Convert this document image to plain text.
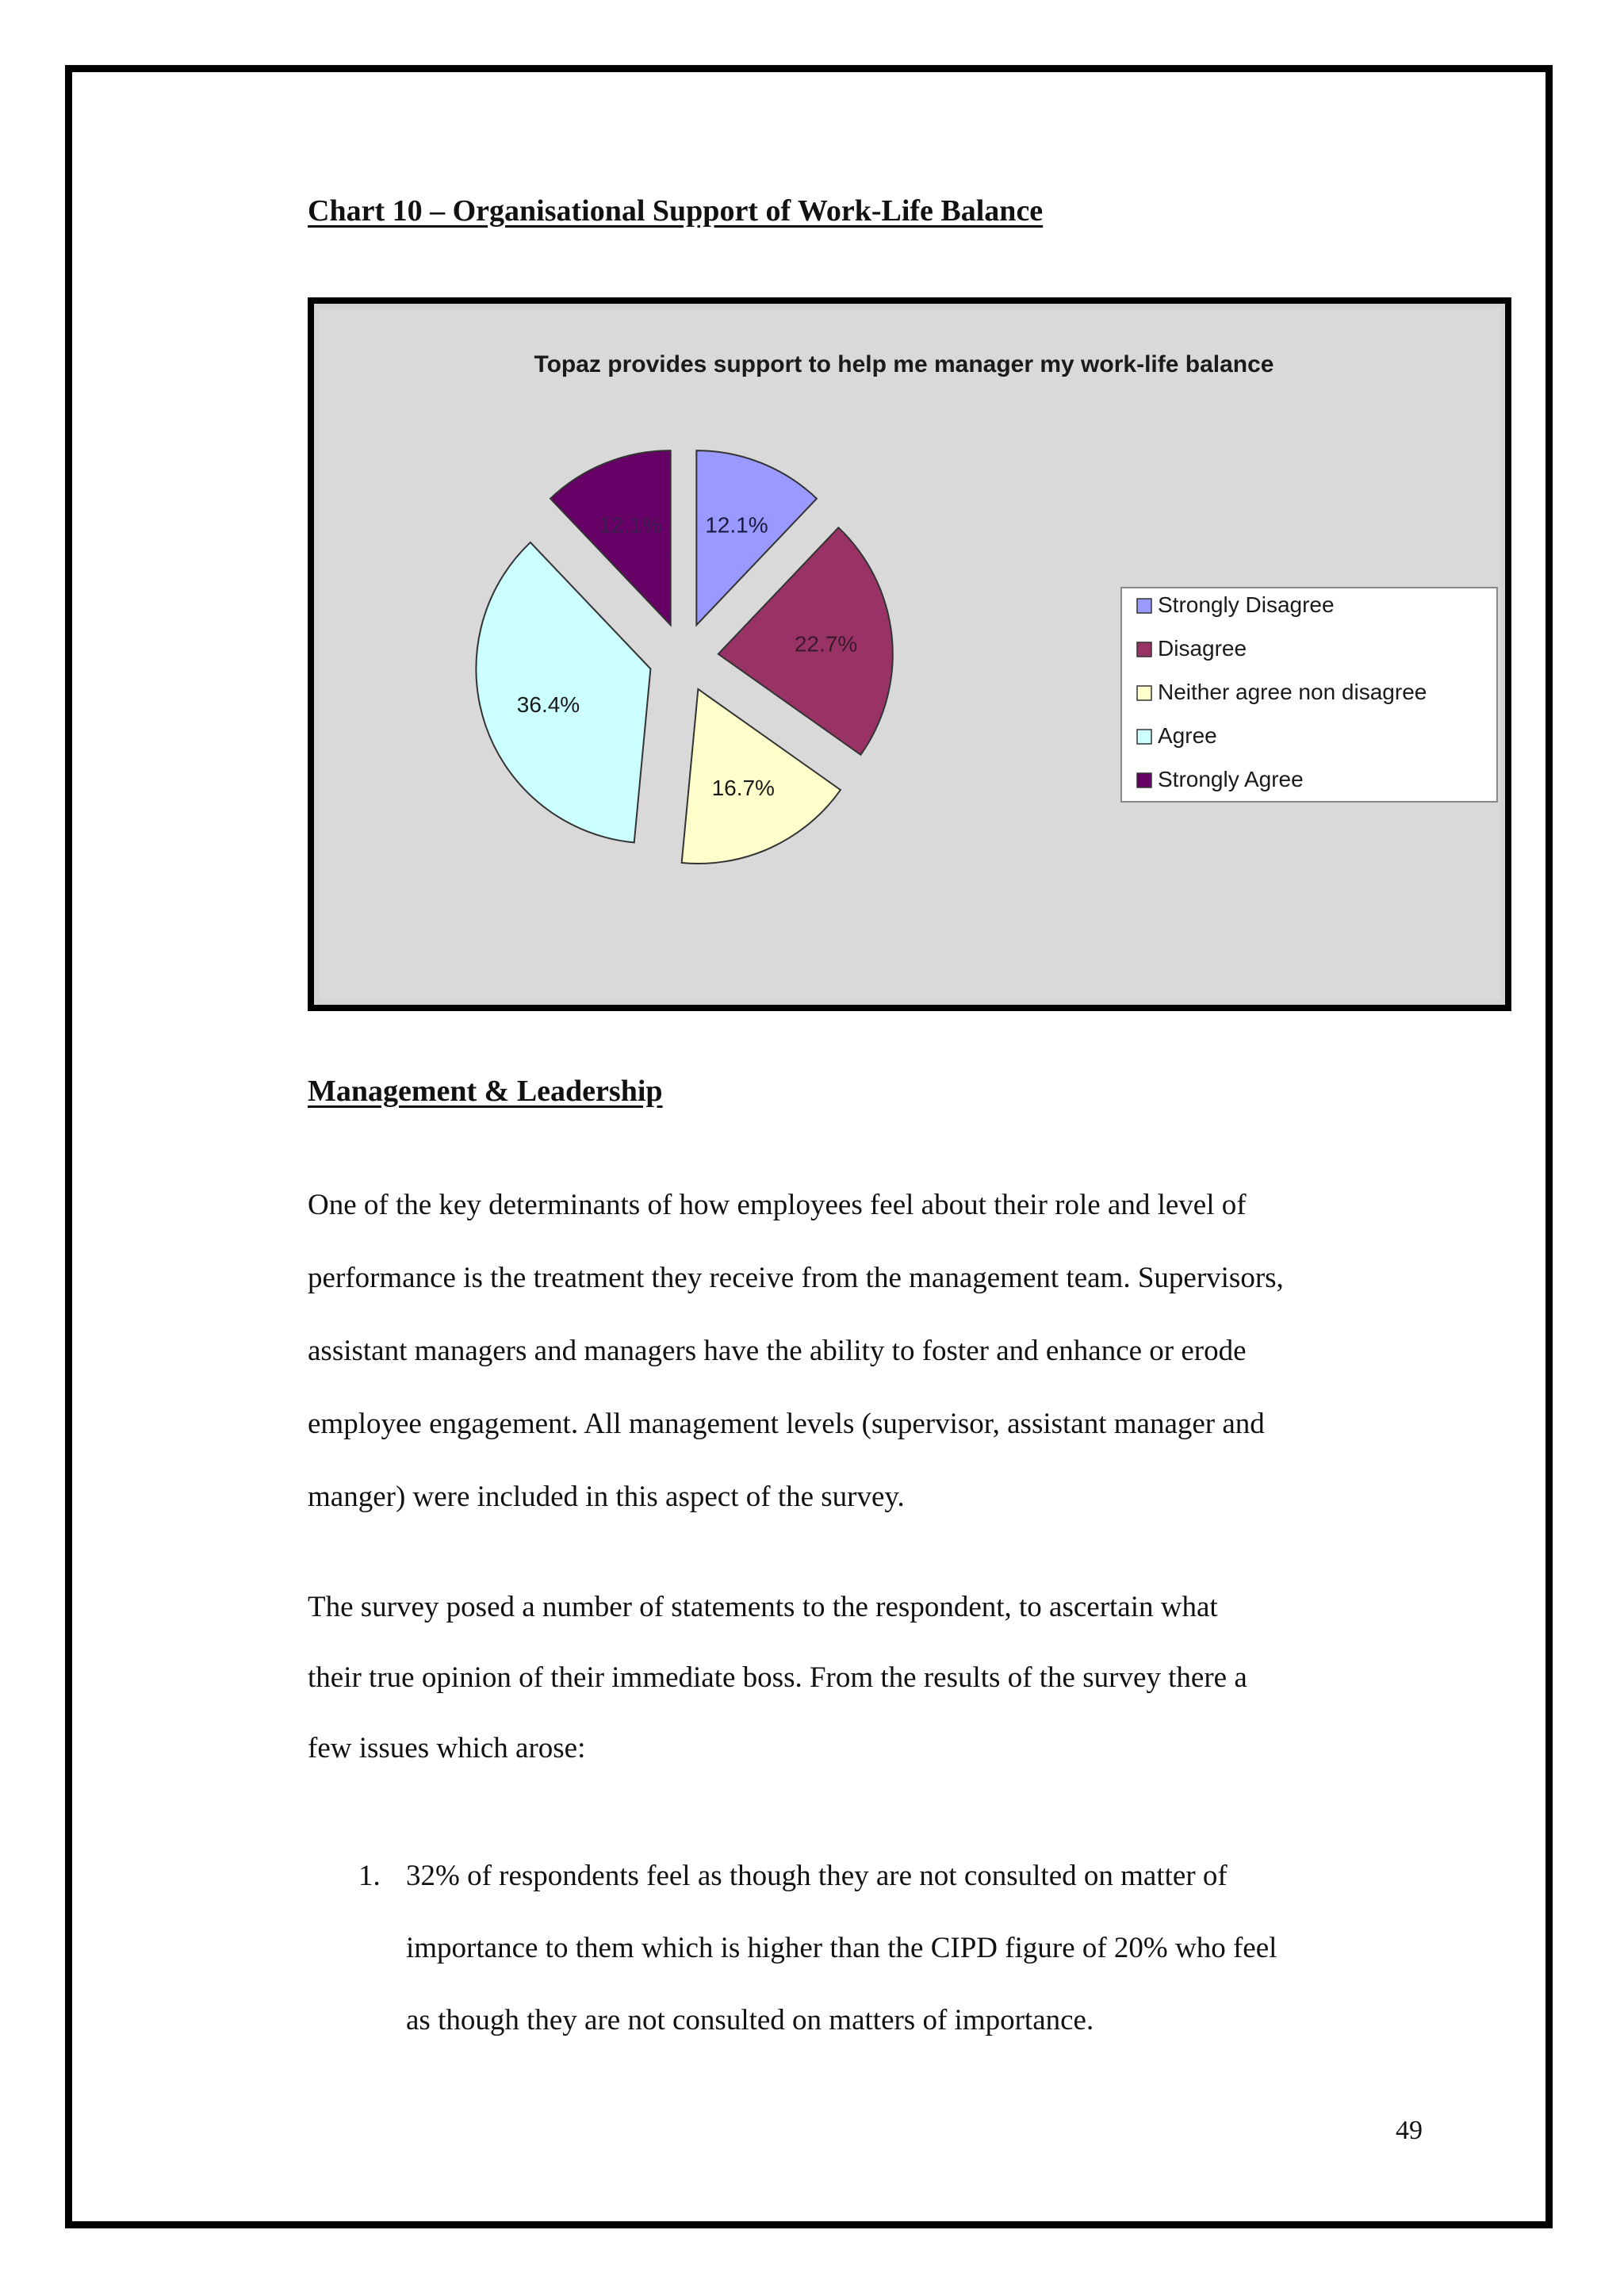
Chart 10 – Organisational Support of Work-Life Balance
Topaz provides support to help me manager my work-life balance
12.1%
22.7%
16.7%
36.4%
12.1%
Strongly Disagree
Disagree
Neither agree non disagree
Agree
Strongly Agree
Management & Leadership
One of the key determinants of how employees feel about their role and level of
performance is the treatment they receive from the management team. Supervisors,
assistant managers and managers have the ability to foster and enhance or erode
employee engagement. All management levels (supervisor, assistant manager and
manger) were included in this aspect of the survey.
The survey posed a number of statements to the respondent, to ascertain what
their true opinion of their immediate boss. From the results of the survey there a
few issues which arose:
1. 32% of respondents feel as though they are not consulted on matter of
importance to them which is higher than the CIPD figure of 20% who feel
as though they are not consulted on matters of importance.
49
